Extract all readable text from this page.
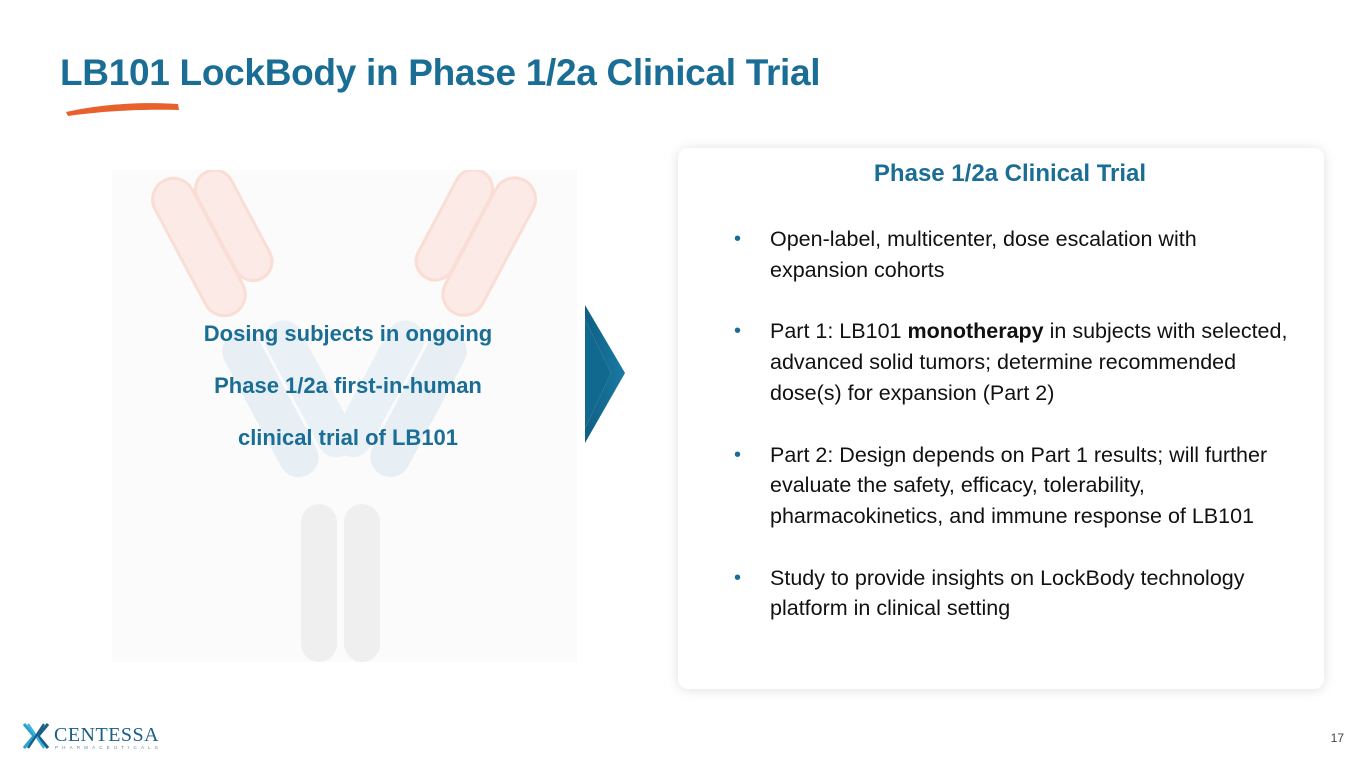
LB101 LockBody in Phase 1/2a Clinical Trial

Dosing subjects in ongoing
Phase 1/2a first-in-human
clinical trial of LB101

Phase 1/2a Clinical Trial
• Open-label, multicenter, dose escalation with expansion cohorts
• Part 1: LB101 monotherapy in subjects with selected, advanced solid tumors; determine recommended dose(s) for expansion (Part 2)
• Part 2: Design depends on Part 1 results; will further evaluate the safety, efficacy, tolerability, pharmacokinetics, and immune response of LB101
• Study to provide insights on LockBody technology platform in clinical setting
CENTESSA
PHARMACEUTICALS
17
